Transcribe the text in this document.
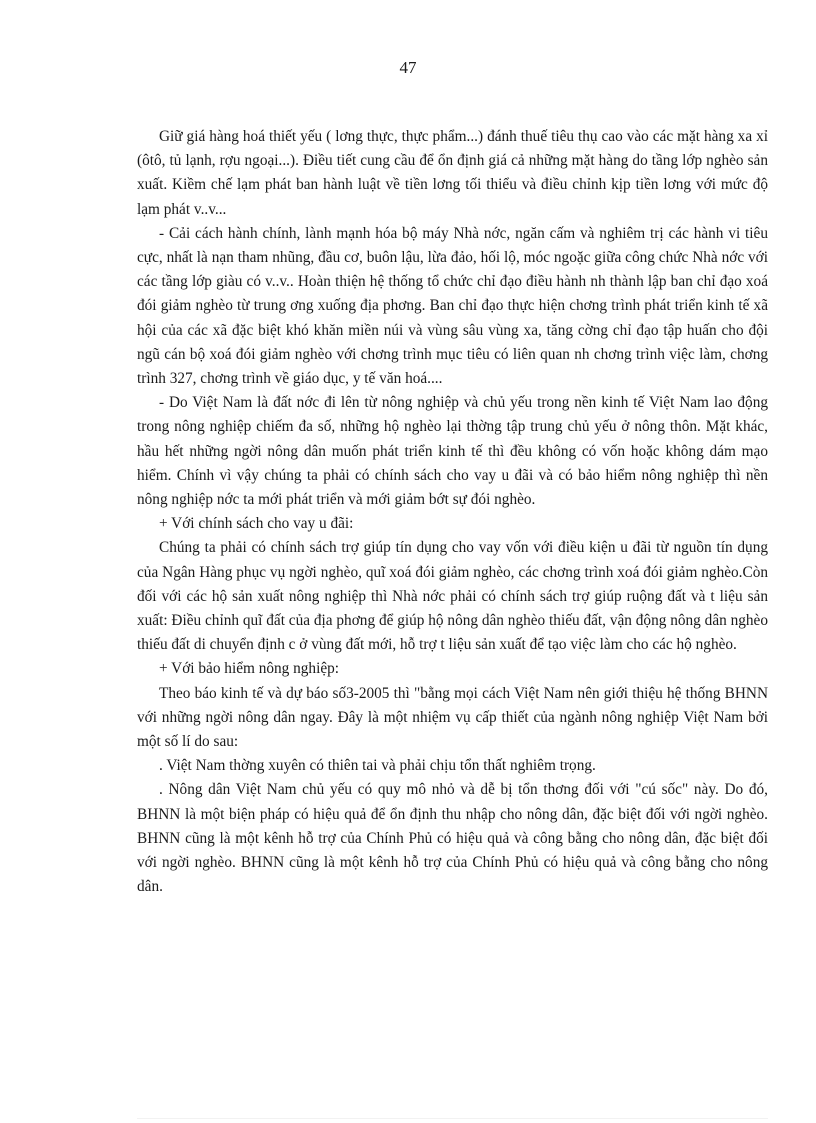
47

Giữ giá hàng hoá thiết yếu ( lơng thực, thực phẩm...) đánh thuế tiêu thụ cao vào các mặt hàng xa xỉ (ôtô, tủ lạnh, rợu ngoại...). Điều tiết cung cầu để ổn định giá cả những mặt hàng do tầng lớp nghèo sản xuất. Kiềm chế lạm phát ban hành luật về tiền lơng tối thiểu và điều chỉnh kịp tiền lơng với mức độ lạm phát v..v...

- Cải cách hành chính, lành mạnh hóa bộ máy Nhà nớc, ngăn cấm và nghiêm trị các hành vi tiêu cực, nhất là nạn tham nhũng, đầu cơ, buôn lậu, lừa đảo, hối lộ, móc ngoặc giữa công chức Nhà nớc với các tầng lớp giàu có v..v.. Hoàn thiện hệ thống tổ chức chỉ đạo điều hành nh thành lập ban chỉ đạo xoá đói giảm nghèo từ trung ơng xuống địa phơng. Ban chỉ đạo thực hiện chơng trình phát triển kinh tế xã hội của các xã đặc biệt khó khăn miền núi và vùng sâu vùng xa, tăng cờng chỉ đạo tập huấn cho đội ngũ cán bộ xoá đói giảm nghèo với chơng trình mục tiêu có liên quan nh chơng trình việc làm, chơng trình 327, chơng trình về giáo dục, y tế văn hoá....

- Do Việt Nam là đất nớc đi lên từ nông nghiệp và chủ yếu trong nền kinh tế Việt Nam lao động trong nông nghiệp chiếm đa số, những hộ nghèo lại thờng tập trung chủ yếu ở nông thôn. Mặt khác, hầu hết những ngời nông dân muốn phát triển kinh tế thì đều không có vốn hoặc không dám mạo hiểm. Chính vì vậy chúng ta phải có chính sách cho vay u đãi và có bảo hiểm nông nghiệp thì nền nông nghiệp nớc ta mới phát triển và mới giảm bớt sự đói nghèo.

+ Với chính sách cho vay u đãi:

Chúng ta phải có chính sách trợ giúp tín dụng cho vay vốn với điều kiện u đãi từ nguồn tín dụng của Ngân Hàng phục vụ ngời nghèo, quĩ xoá đói giảm nghèo, các chơng trình xoá đói giảm nghèo.Còn đối với các hộ sản xuất nông nghiệp thì Nhà nớc phải có chính sách trợ giúp ruộng đất và t liệu sản xuất: Điều chỉnh quĩ đất của địa phơng để giúp hộ nông dân nghèo thiếu đất, vận động nông dân nghèo thiếu đất di chuyển định c ở vùng đất mới, hỗ trợ t liệu sản xuất để tạo việc làm cho các hộ nghèo.

+ Với bảo hiểm nông nghiệp:

Theo báo kinh tế và dự báo số3-2005 thì "bằng mọi cách Việt Nam nên giới thiệu hệ thống BHNN với những ngời nông dân ngay. Đây là một nhiệm vụ cấp thiết của ngành nông nghiệp Việt Nam bởi một số lí do sau:

. Việt Nam thờng xuyên có thiên tai và phải chịu tổn thất nghiêm trọng.

. Nông dân Việt Nam chủ yếu có quy mô nhỏ và dễ bị tổn thơng đối với "cú sốc" này. Do đó, BHNN là một biện pháp có hiệu quả để ổn định thu nhập cho nông dân, đặc biệt đối với ngời nghèo. BHNN cũng là một kênh hỗ trợ của Chính Phủ có hiệu quả và công bằng cho nông dân, đặc biệt đối với ngời nghèo. BHNN cũng là một kênh hỗ trợ của Chính Phủ có hiệu quả và công bằng cho nông dân.
